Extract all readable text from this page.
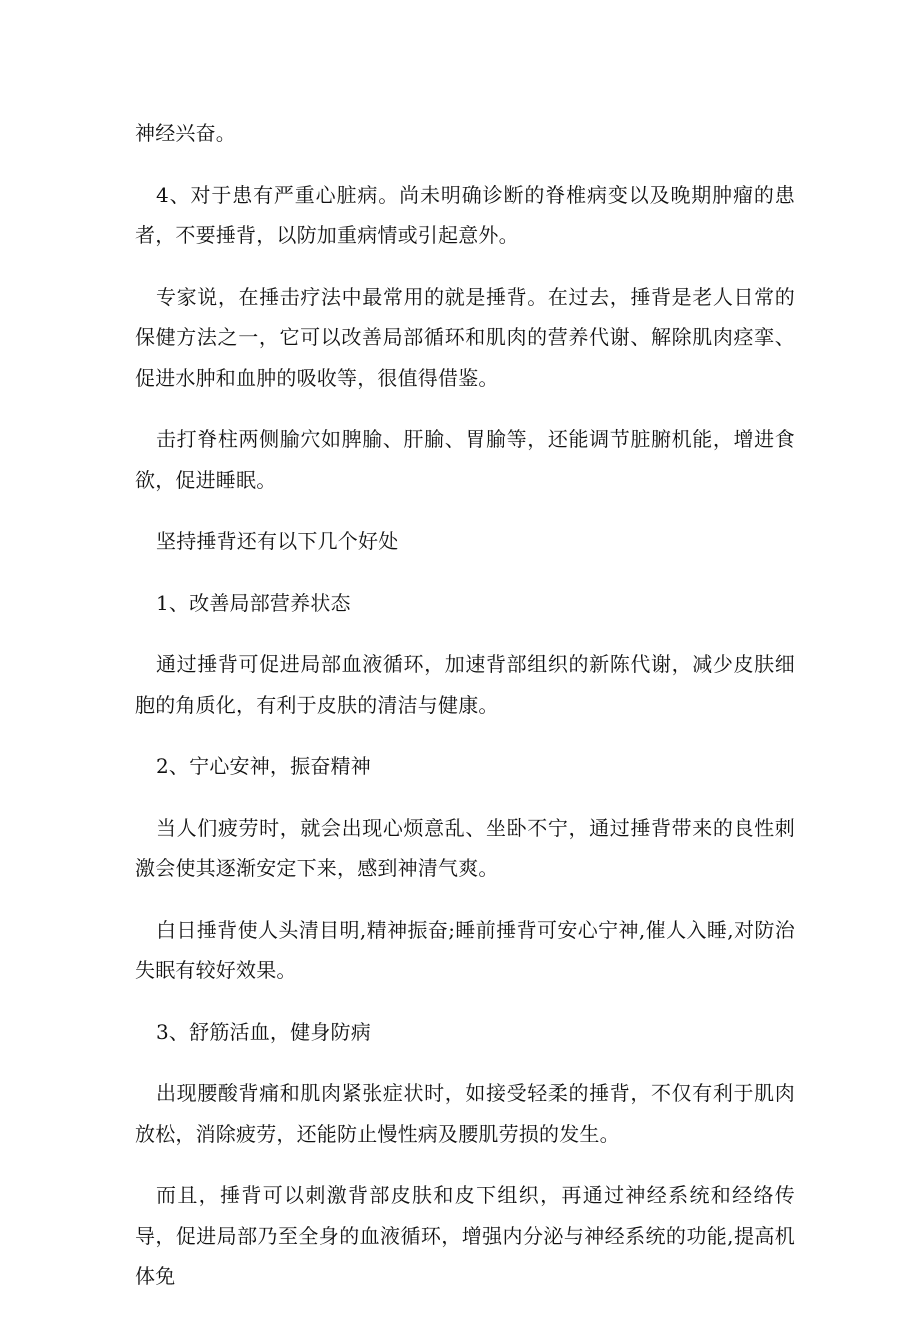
神经兴奋。

4、对于患有严重心脏病。尚未明确诊断的脊椎病变以及晚期肿瘤的患者，不要捶背，以防加重病情或引起意外。

专家说，在捶击疗法中最常用的就是捶背。在过去，捶背是老人日常的保健方法之一，它可以改善局部循环和肌肉的营养代谢、解除肌肉痉挛、促进水肿和血肿的吸收等，很值得借鉴。

击打脊柱两侧腧穴如脾腧、肝腧、胃腧等，还能调节脏腑机能，增进食欲，促进睡眠。

坚持捶背还有以下几个好处

1、改善局部营养状态

通过捶背可促进局部血液循环，加速背部组织的新陈代谢，减少皮肤细胞的角质化，有利于皮肤的清洁与健康。

2、宁心安神，振奋精神

当人们疲劳时，就会出现心烦意乱、坐卧不宁，通过捶背带来的良性刺激会使其逐渐安定下来，感到神清气爽。

白日捶背使人头清目明,精神振奋;睡前捶背可安心宁神,催人入睡,对防治失眠有较好效果。

3、舒筋活血，健身防病

出现腰酸背痛和肌肉紧张症状时，如接受轻柔的捶背，不仅有利于肌肉放松，消除疲劳，还能防止慢性病及腰肌劳损的发生。

而且，捶背可以刺激背部皮肤和皮下组织，再通过神经系统和经络传导，促进局部乃至全身的血液循环，增强内分泌与神经系统的功能,提高机体免
